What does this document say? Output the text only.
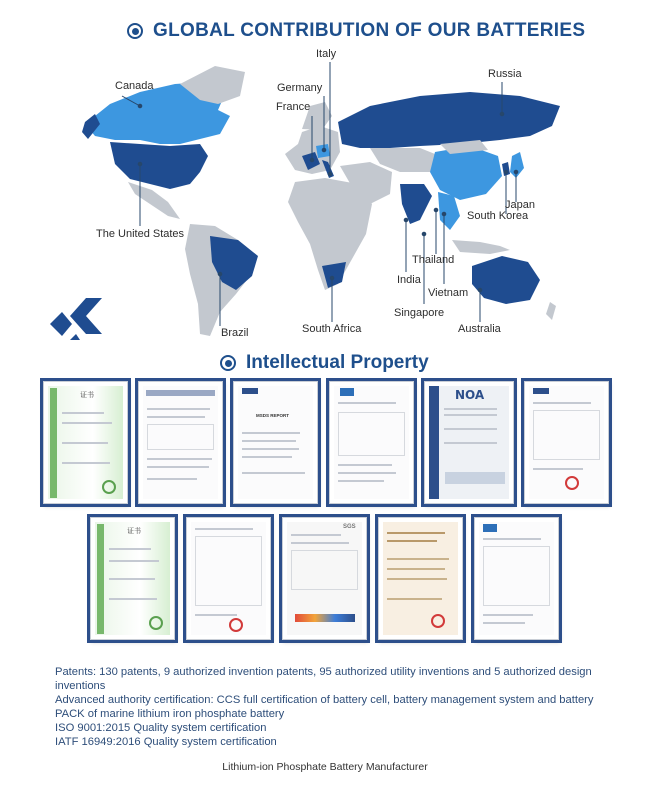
GLOBAL CONTRIBUTION OF OUR BATTERIES
Italy
Canada	Germany
France
Russia
Japan
South Korea
The United States
Thailand
India
Vietnam
Singapore
Brazil	South Africa	Australia
Intellectual Property
证书
MSDS REPORT
NOA
证书	SGS

Patents: 130 patents, 9 authorized invention patents, 95 authorized utility inventions and 5 authorized design inventions

Advanced authority certification: CCS full certification of battery cell, battery management system and battery PACK of marine lithium iron phosphate battery

ISO 9001:2015 Quality system certification

IATF 16949:2016 Quality system certification

Lithium-ion Phosphate Battery Manufacturer
